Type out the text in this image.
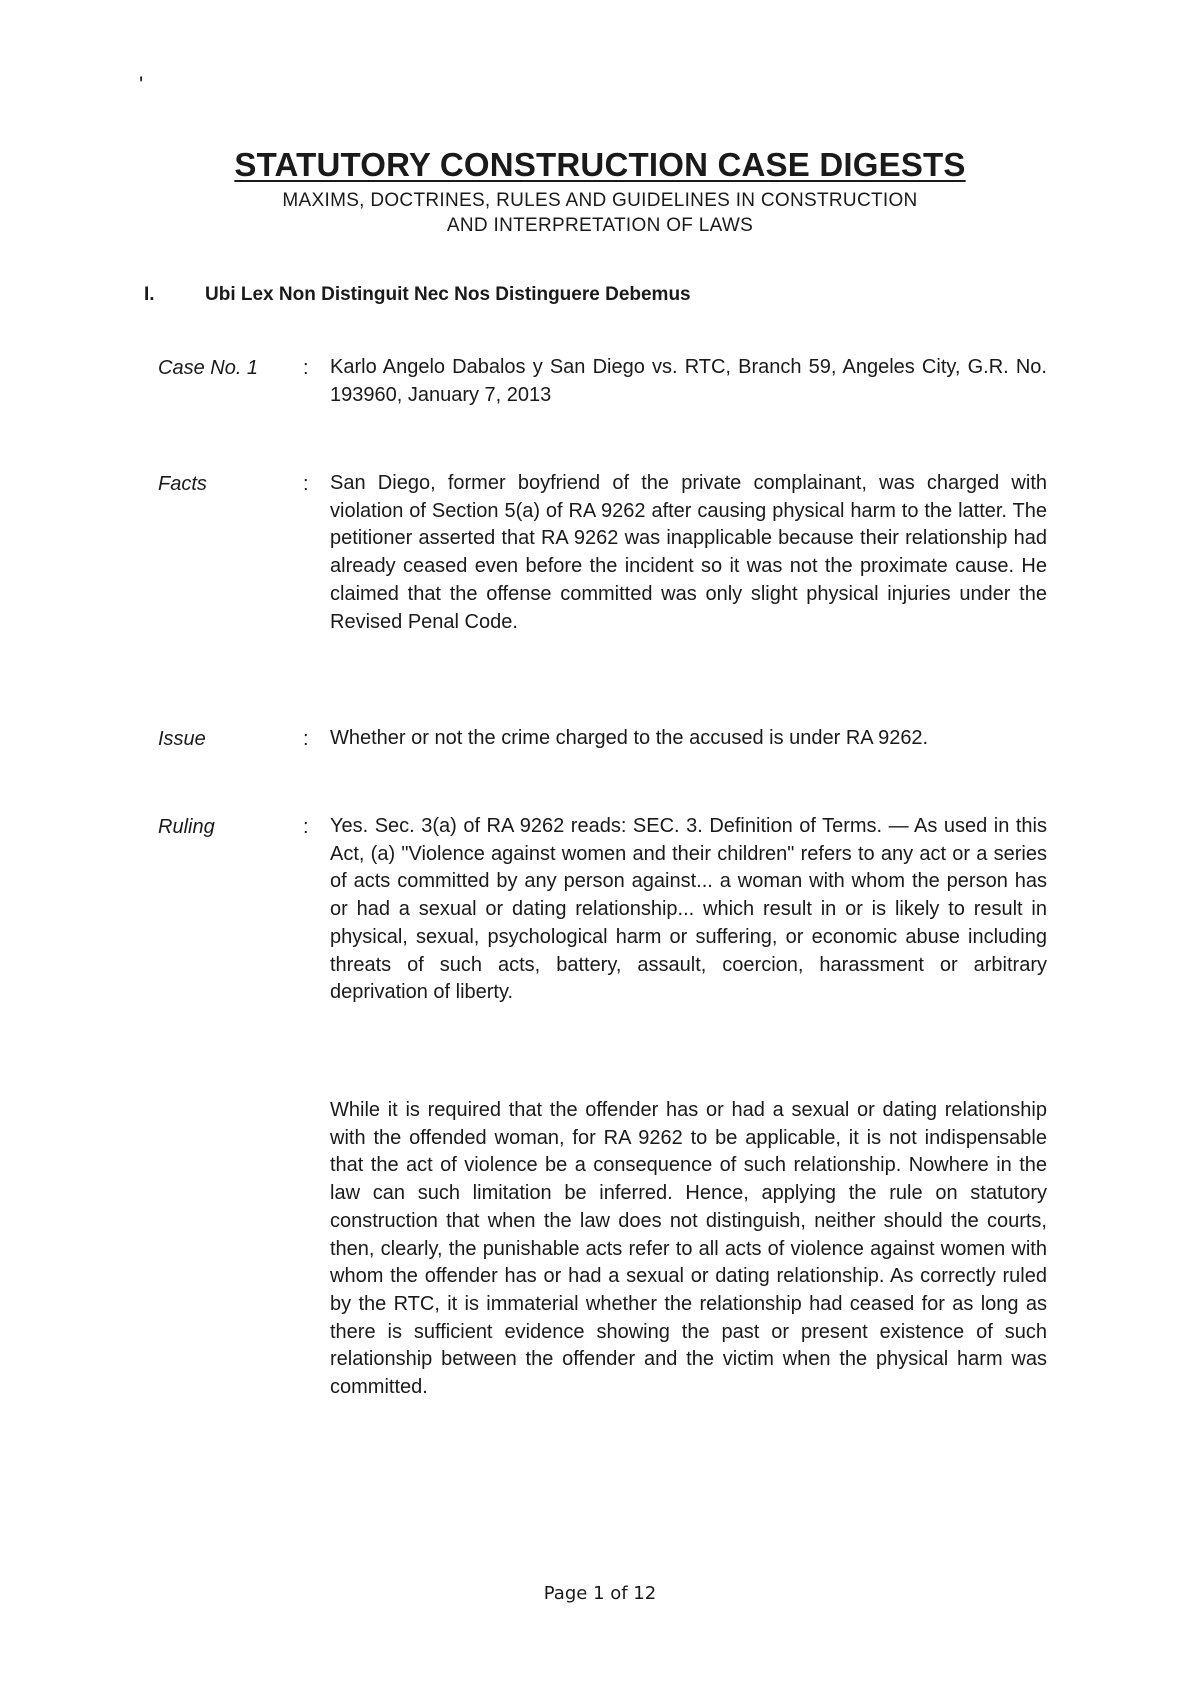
'
STATUTORY CONSTRUCTION CASE DIGESTS
MAXIMS, DOCTRINES, RULES AND GUIDELINES IN CONSTRUCTION
AND INTERPRETATION OF LAWS
I.	Ubi Lex Non Distinguit Nec Nos Distinguere Debemus
Case No. 1 : Karlo Angelo Dabalos y San Diego vs. RTC, Branch 59, Angeles City, G.R. No. 193960, January 7, 2013
Facts	: San Diego, former boyfriend of the private complainant, was charged with violation of Section 5(a) of RA 9262 after causing physical harm to the latter. The petitioner asserted that RA 9262 was inapplicable because their relationship had already ceased even before the incident so it was not the proximate cause. He claimed that the offense committed was only slight physical injuries under the Revised Penal Code.
Issue	: Whether or not the crime charged to the accused is under RA 9262.
Ruling	: Yes. Sec. 3(a) of RA 9262 reads: SEC. 3. Definition of Terms. — As used in this Act, (a) "Violence against women and their children" refers to any act or a series of acts committed by any person against... a woman with whom the person has or had a sexual or dating relationship... which result in or is likely to result in physical, sexual, psychological harm or suffering, or economic abuse including threats of such acts, battery, assault, coercion, harassment or arbitrary deprivation of liberty.
While it is required that the offender has or had a sexual or dating relationship with the offended woman, for RA 9262 to be applicable, it is not indispensable that the act of violence be a consequence of such relationship. Nowhere in the law can such limitation be inferred. Hence, applying the rule on statutory construction that when the law does not distinguish, neither should the courts, then, clearly, the punishable acts refer to all acts of violence against women with whom the offender has or had a sexual or dating relationship. As correctly ruled by the RTC, it is immaterial whether the relationship had ceased for as long as there is sufficient evidence showing the past or present existence of such relationship between the offender and the victim when the physical harm was committed.
Page 1 of 12
